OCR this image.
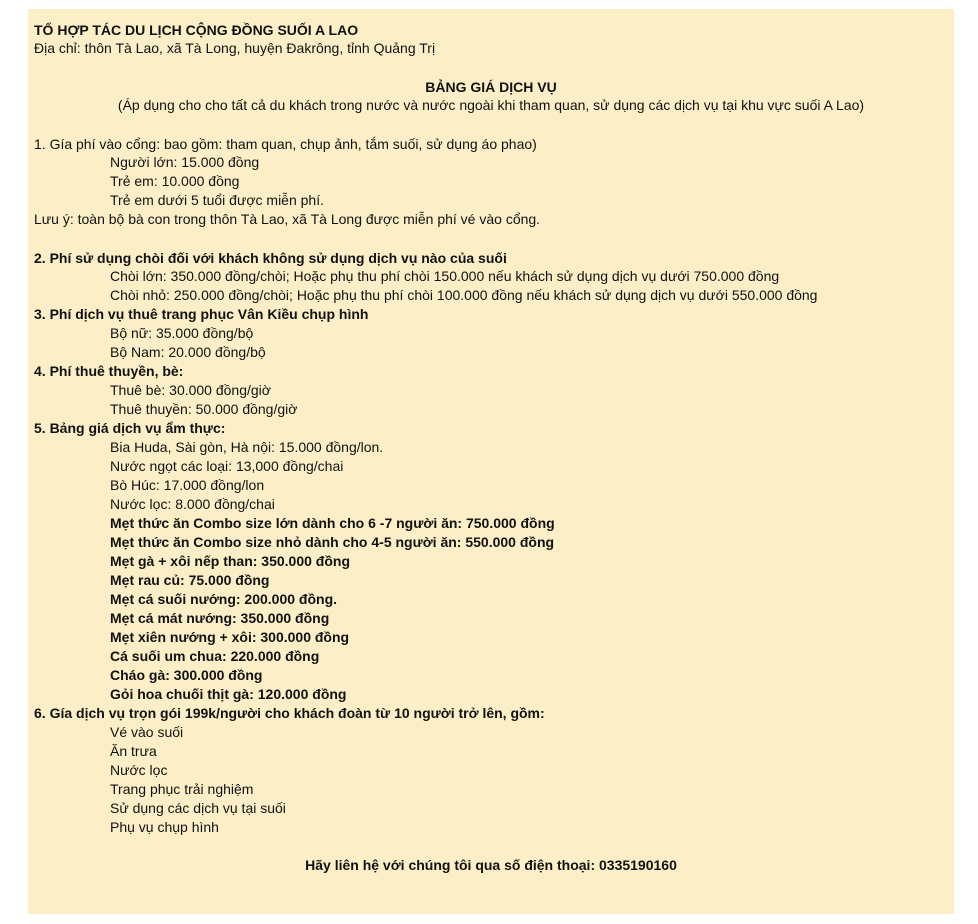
TỔ HỢP TÁC DU LỊCH CỘNG ĐỒNG SUỐI A LAO
Địa chỉ: thôn Tà Lao, xã Tà Long, huyện Đakrông, tỉnh Quảng Trị
BẢNG GIÁ DỊCH VỤ
(Áp dụng cho cho tất cả du khách trong nước và nước ngoài khi tham quan, sử dụng các dịch vụ tại khu vực suối A Lao)
1. Gía phí vào cổng: bao gồm: tham quan, chụp ảnh, tắm suối, sử dụng áo phao)
Người lớn: 15.000 đồng
Trẻ em: 10.000 đồng
Trẻ em dưới 5 tuổi được miễn phí.
Lưu ý: toàn bộ bà con trong thôn Tà Lao, xã Tà Long được miễn phí vé vào cổng.
2. Phí sử dụng chòi đối với khách không sử dụng dịch vụ nào của suối
Chòi lớn: 350.000 đồng/chòi; Hoặc phụ thu phí chòi 150.000 nếu khách sử dụng dịch vụ dưới 750.000 đồng
Chòi nhỏ: 250.000 đồng/chòi; Hoặc phụ thu phí chòi 100.000 đồng nếu khách sử dụng dịch vụ dưới 550.000 đồng
3. Phí dịch vụ thuê trang phục Vân Kiều chụp hình
Bộ nữ: 35.000 đồng/bộ
Bộ Nam: 20.000 đồng/bộ
4. Phí thuê thuyền, bè:
Thuê bè: 30.000 đồng/giờ
Thuê thuyền: 50.000 đồng/giờ
5. Bảng giá dịch vụ ẩm thực:
Bia Huda, Sài gòn, Hà nội: 15.000 đồng/lon.
Nước ngọt các loại: 13,000 đồng/chai
Bò Húc: 17.000 đồng/lon
Nước lọc: 8.000 đồng/chai
Mẹt thức ăn Combo size lớn dành cho 6 -7 người ăn: 750.000 đồng
Mẹt thức ăn Combo size nhỏ dành cho 4-5 người ăn: 550.000 đồng
Mẹt gà + xôi nếp than: 350.000 đồng
Mẹt rau củ: 75.000 đồng
Mẹt cá suối nướng: 200.000 đồng.
Mẹt cá mát nướng: 350.000 đồng
Mẹt xiên nướng + xôi: 300.000 đồng
Cá suối um chua: 220.000 đồng
Cháo gà: 300.000 đồng
Gỏi hoa chuối thịt gà: 120.000 đồng
6. Gía dịch vụ trọn gói 199k/người cho khách đoàn từ 10 người trở lên, gồm:
Vé vào suối
Ăn trưa
Nước lọc
Trang phục trải nghiệm
Sử dụng các dịch vụ tại suối
Phụ vụ chụp hình
Hãy liên hệ với chúng tôi qua số điện thoại: 0335190160
